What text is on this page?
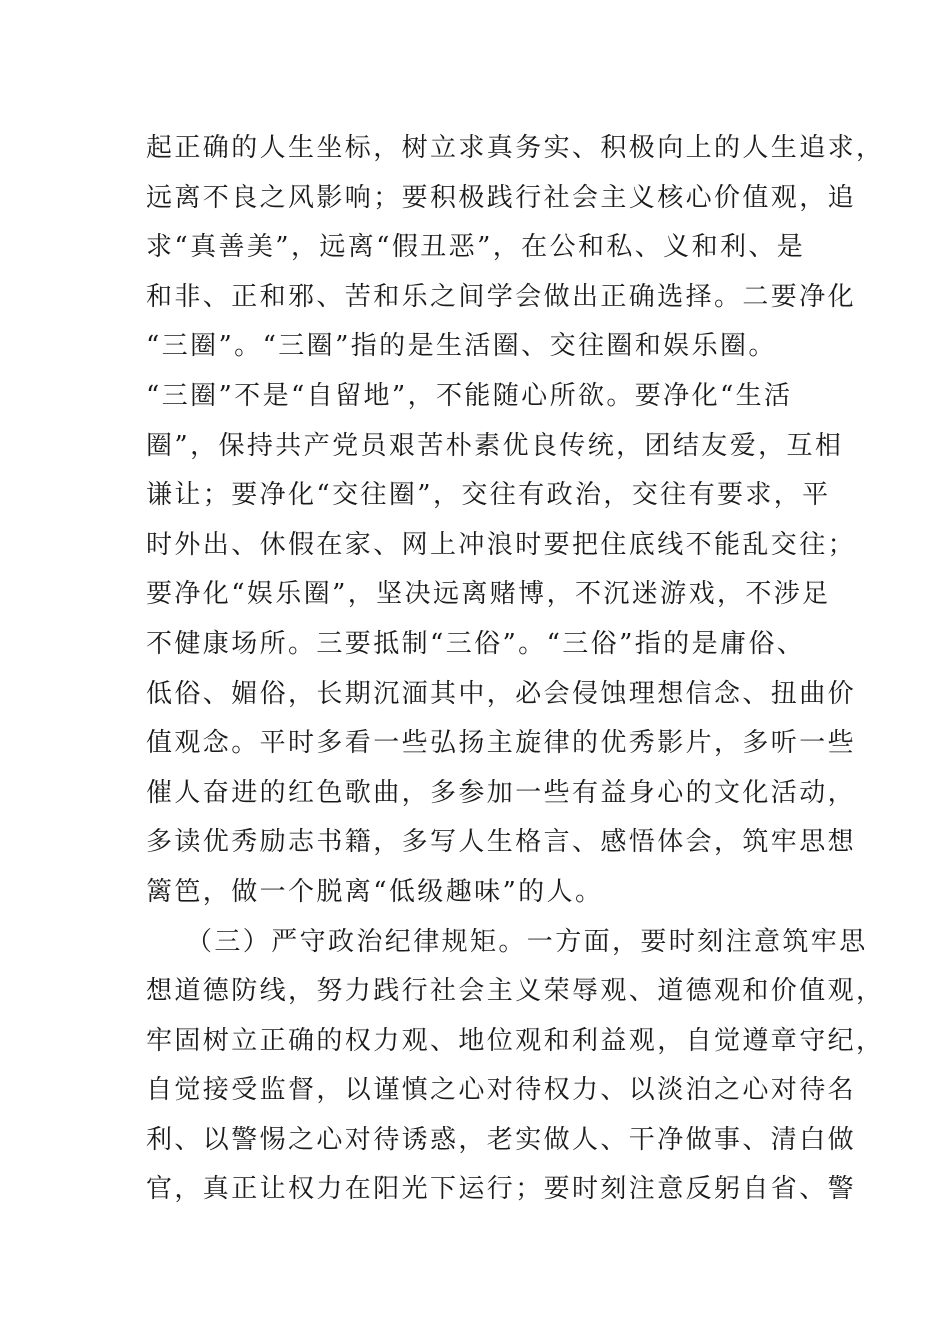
起正确的人生坐标，树立求真务实、积极向上的人生追求，
远离不良之风影响；要积极践行社会主义核心价值观，追
求“真善美”，远离“假丑恶”，在公和私、义和利、是
和非、正和邪、苦和乐之间学会做出正确选择。二要净化
“三圈”。“三圈”指的是生活圈、交往圈和娱乐圈。
“三圈”不是“自留地”，不能随心所欲。要净化“生活
圈”，保持共产党员艰苦朴素优良传统，团结友爱，互相
谦让；要净化“交往圈”，交往有政治，交往有要求，平
时外出、休假在家、网上冲浪时要把住底线不能乱交往；
要净化“娱乐圈”，坚决远离赌博，不沉迷游戏，不涉足
不健康场所。三要抵制“三俗”。“三俗”指的是庸俗、
低俗、媚俗，长期沉湎其中，必会侵蚀理想信念、扭曲价
值观念。平时多看一些弘扬主旋律的优秀影片，多听一些
催人奋进的红色歌曲，多参加一些有益身心的文化活动，
多读优秀励志书籍，多写人生格言、感悟体会，筑牢思想
篱笆，做一个脱离“低级趣味”的人。
（三）严守政治纪律规矩。一方面，要时刻注意筑牢思
想道德防线，努力践行社会主义荣辱观、道德观和价值观，
牢固树立正确的权力观、地位观和利益观，自觉遵章守纪，
自觉接受监督，以谨慎之心对待权力、以淡泊之心对待名
利、以警惕之心对待诱惑，老实做人、干净做事、清白做
官，真正让权力在阳光下运行；要时刻注意反躬自省、警
